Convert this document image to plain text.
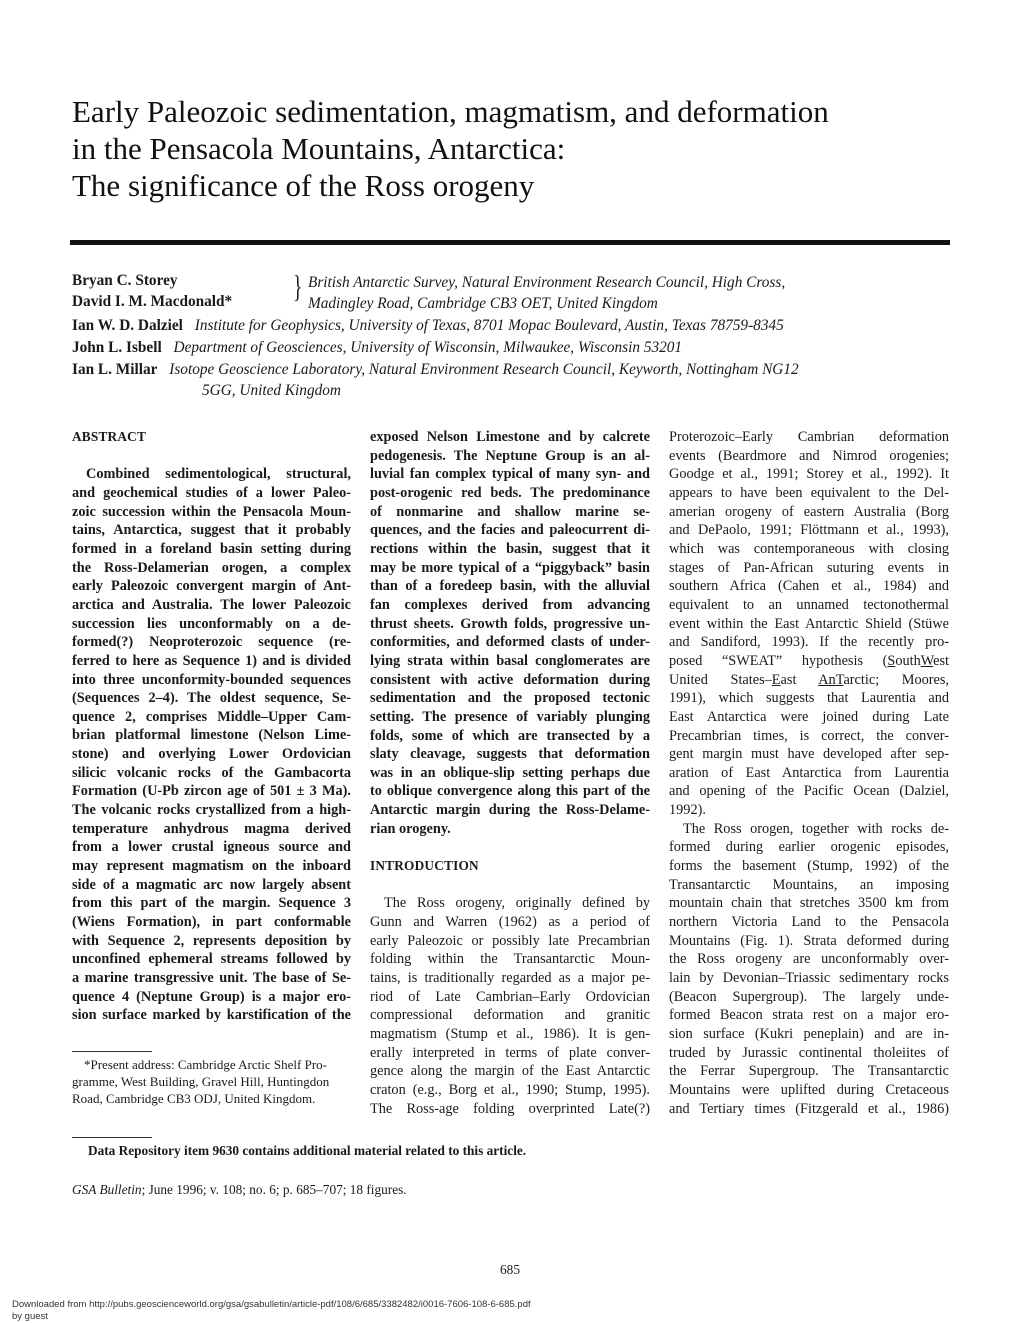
Early Paleozoic sedimentation, magmatism, and deformation
in the Pensacola Mountains, Antarctica:
The significance of the Ross orogeny
Bryan C. Storey
David I. M. Macdonald* } British Antarctic Survey, Natural Environment Research Council, High Cross,
Madingley Road, Cambridge CB3 OET, United Kingdom
Ian W. D. Dalziel Institute for Geophysics, University of Texas, 8701 Mopac Boulevard, Austin, Texas 78759-8345
John L. Isbell Department of Geosciences, University of Wisconsin, Milwaukee, Wisconsin 53201
Ian L. Millar Isotope Geoscience Laboratory, Natural Environment Research Council, Keyworth, Nottingham NG12
5GG, United Kingdom
ABSTRACT
Combined sedimentological, structural,
and geochemical studies of a lower Paleo-
zoic succession within the Pensacola Moun-
tains, Antarctica, suggest that it probably
formed in a foreland basin setting during
the Ross-Delamerian orogen, a complex
early Paleozoic convergent margin of Ant-
arctica and Australia. The lower Paleozoic
succession lies unconformably on a de-
formed(?) Neoproterozoic sequence (re-
ferred to here as Sequence 1) and is divided
into three unconformity-bounded sequences
(Sequences 2–4). The oldest sequence, Se-
quence 2, comprises Middle–Upper Cam-
brian platformal limestone (Nelson Lime-
stone) and overlying Lower Ordovician
silicic volcanic rocks of the Gambacorta
Formation (U-Pb zircon age of 501 ± 3 Ma).
The volcanic rocks crystallized from a high-
temperature anhydrous magma derived
from a lower crustal igneous source and
may represent magmatism on the inboard
side of a magmatic arc now largely absent
from this part of the margin. Sequence 3
(Wiens Formation), in part conformable
with Sequence 2, represents deposition by
unconfined ephemeral streams followed by
a marine transgressive unit. The base of Se-
quence 4 (Neptune Group) is a major ero-
sion surface marked by karstification of the
exposed Nelson Limestone and by calcrete
pedogenesis. The Neptune Group is an al-
luvial fan complex typical of many syn- and
post-orogenic red beds. The predominance
of nonmarine and shallow marine se-
quences, and the facies and paleocurrent di-
rections within the basin, suggest that it
may be more typical of a “piggyback” basin
than of a foredeep basin, with the alluvial
fan complexes derived from advancing
thrust sheets. Growth folds, progressive un-
conformities, and deformed clasts of under-
lying strata within basal conglomerates are
consistent with active deformation during
sedimentation and the proposed tectonic
setting. The presence of variably plunging
folds, some of which are transected by a
slaty cleavage, suggests that deformation
was in an oblique-slip setting perhaps due
to oblique convergence along this part of the
Antarctic margin during the Ross-Delame-
rian orogeny.
INTRODUCTION
The Ross orogeny, originally defined by
Gunn and Warren (1962) as a period of
early Paleozoic or possibly late Precambrian
folding within the Transantarctic Moun-
tains, is traditionally regarded as a major pe-
riod of Late Cambrian–Early Ordovician
compressional deformation and granitic
magmatism (Stump et al., 1986). It is gen-
erally interpreted in terms of plate conver-
gence along the margin of the East Antarctic
craton (e.g., Borg et al., 1990; Stump, 1995).
The Ross-age folding overprinted Late(?)
Proterozoic–Early Cambrian deformation
events (Beardmore and Nimrod orogenies;
Goodge et al., 1991; Storey et al., 1992). It
appears to have been equivalent to the Del-
amerian orogeny of eastern Australia (Borg
and DePaolo, 1991; Flöttmann et al., 1993),
which was contemporaneous with closing
stages of Pan-African suturing events in
southern Africa (Cahen et al., 1984) and
equivalent to an unnamed tectonothermal
event within the East Antarctic Shield (Stüwe
and Sandiford, 1993). If the recently pro-
posed “SWEAT” hypothesis (SouthWest
United States–East AnTarctic; Moores,
1991), which suggests that Laurentia and
East Antarctica were joined during Late
Precambrian times, is correct, the conver-
gent margin must have developed after sep-
aration of East Antarctica from Laurentia
and opening of the Pacific Ocean (Dalziel,
1992).
The Ross orogen, together with rocks de-
formed during earlier orogenic episodes,
forms the basement (Stump, 1992) of the
Transantarctic Mountains, an imposing
mountain chain that stretches 3500 km from
northern Victoria Land to the Pensacola
Mountains (Fig. 1). Strata deformed during
the Ross orogeny are unconformably over-
lain by Devonian–Triassic sedimentary rocks
(Beacon Supergroup). The largely unde-
formed Beacon strata rest on a major ero-
sion surface (Kukri peneplain) and are in-
truded by Jurassic continental tholeiites of
the Ferrar Supergroup. The Transantarctic
Mountains were uplifted during Cretaceous
and Tertiary times (Fitzgerald et al., 1986)
*Present address: Cambridge Arctic Shelf Pro-
gramme, West Building, Gravel Hill, Huntingdon
Road, Cambridge CB3 ODJ, United Kingdom.
Data Repository item 9630 contains additional material related to this article.
GSA Bulletin; June 1996; v. 108; no. 6; p. 685–707; 18 figures.
685
Downloaded from http://pubs.geoscienceworld.org/gsa/gsabulletin/article-pdf/108/6/685/3382482/i0016-7606-108-6-685.pdf
by guest
